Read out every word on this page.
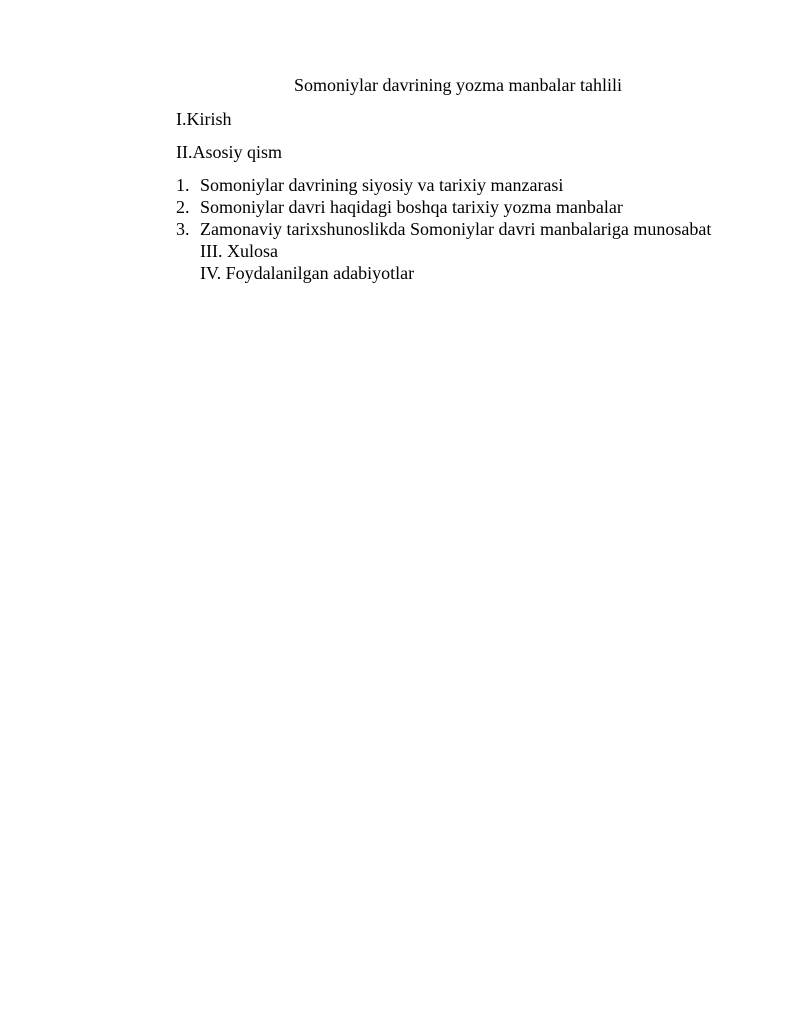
Somoniylar davrining yozma manbalar tahlili
I.Kirish
II.Asosiy qism
1. Somoniylar davrining siyosiy va tarixiy manzarasi
2. Somoniylar davri haqidagi boshqa tarixiy yozma manbalar
3. Zamonaviy tarixshunoslikda Somoniylar davri manbalariga munosabat
III. Xulosa
IV. Foydalanilgan adabiyotlar
